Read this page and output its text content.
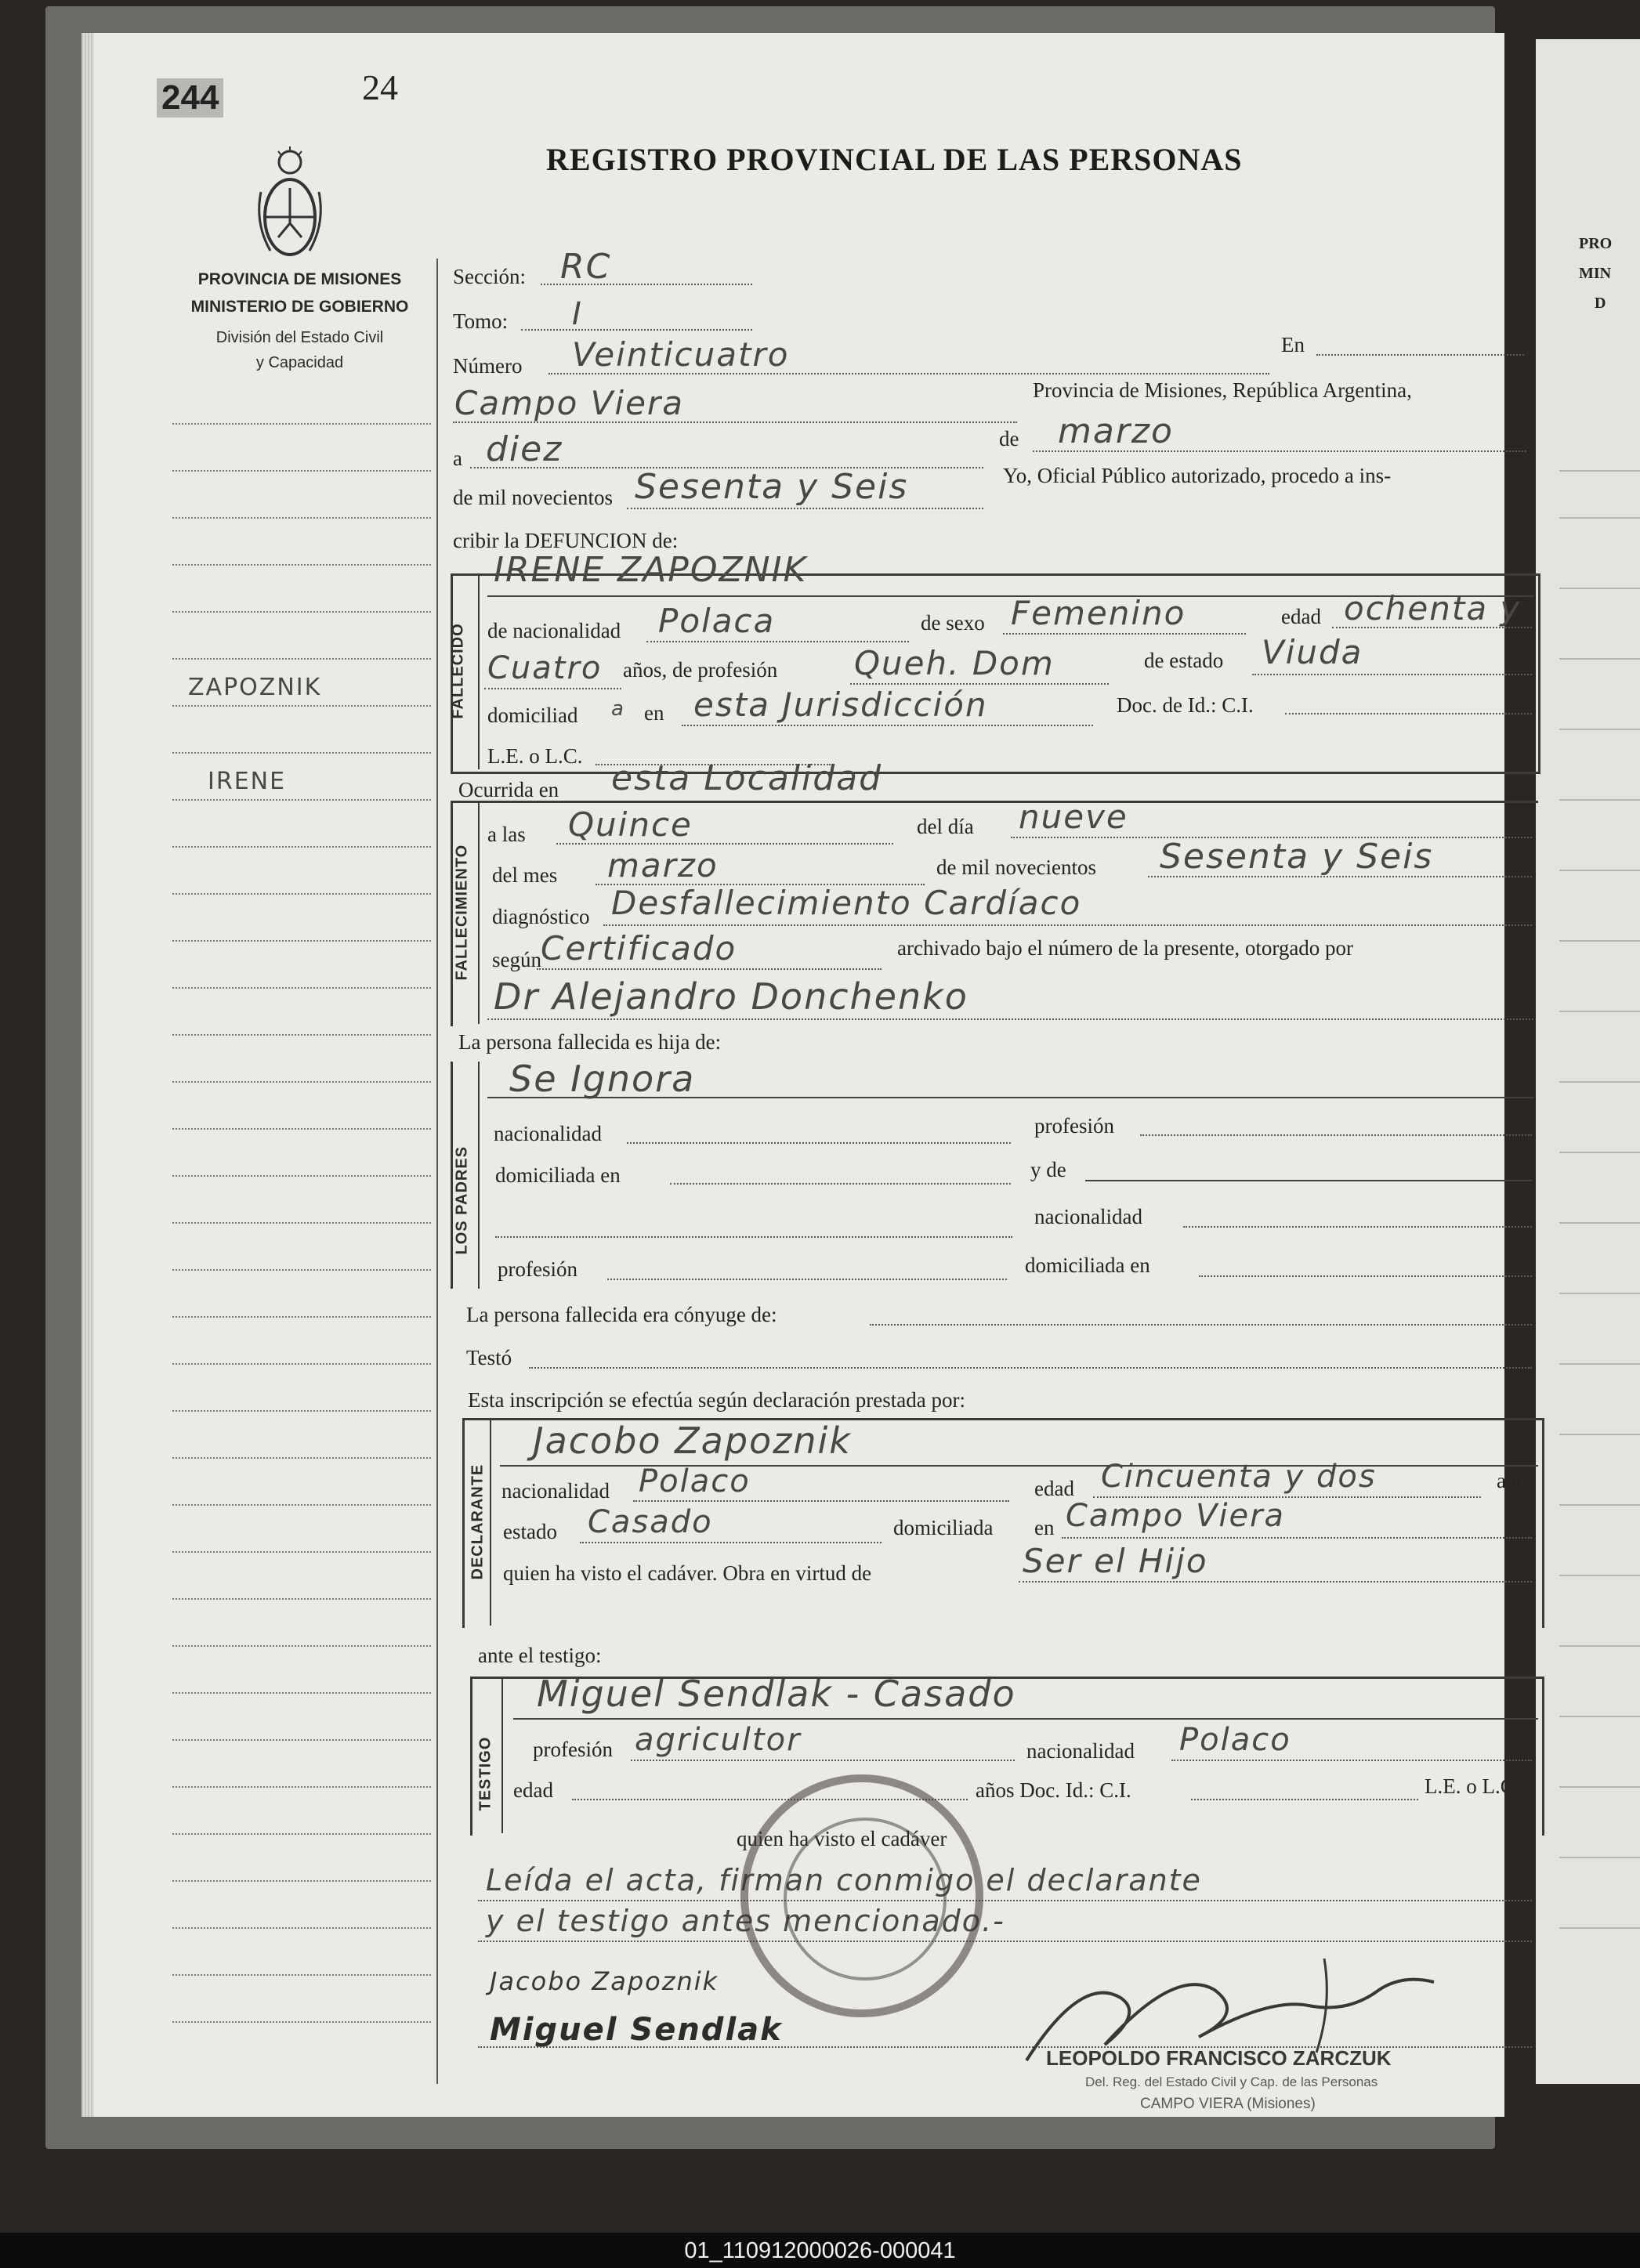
PRO
MIN
D
244	24
REGISTRO PROVINCIAL DE LAS PERSONAS
PROVINCIA DE MISIONES
MINISTERIO DE GOBIERNO
División del Estado Civil
y Capacidad
ZAPOZNIK
IRENE
Sección: RC
Tomo: I
Número Veinticuatro	En
Campo Viera	Provincia de Misiones, República Argentina,
a diez	de marzo
de mil novecientos Sesenta y Seis	Yo, Oficial Público autorizado, procedo a ins-
cribir la DEFUNCION de:
FALLECIDO
IRENE ZAPOZNIK
de nacionalidad Polaca	de sexo Femenino	edad ochenta y
Cuatro años, de profesión Queh. Dom	de estado Viuda
domiciliad a en esta Jurisdicción	Doc. de Id.: C.I.
L.E. o L.C.
Ocurrida en esta Localidad
FALLECIMIENTO
a las Quince	del día nueve
del mes marzo	de mil novecientos Sesenta y Seis
diagnóstico Desfallecimiento Cardíaco
según Certificado	archivado bajo el número de la presente, otorgado por
Dr Alejandro Donchenko
La persona fallecida es hija de:
LOS PADRES
Se Ignora
nacionalidad	profesión
domiciliada en	y de
nacionalidad
profesión	domiciliada en
La persona fallecida era cónyuge de:
Testó
Esta inscripción se efectúa según declaración prestada por:
DECLARANTE
Jacobo Zapoznik
nacionalidad Polaco	edad Cincuenta y dos	años
estado Casado	domiciliada en Campo Viera
quien ha visto el cadáver. Obra en virtud de	Ser el Hijo
ante el testigo:
TESTIGO
Miguel Sendlak - Casado
profesión agricultor	nacionalidad Polaco
edad	años Doc. Id.: C.I.	L.E. o L.C.
quien ha visto el cadáver
Leída el acta, firman conmigo el declarante
y el testigo antes mencionado.-
Jacobo Zapoznik
Miguel Sendlak
LEOPOLDO FRANCISCO ZARCZUK
Del. Reg. del Estado Civil y Cap. de las Personas
CAMPO VIERA (Misiones)
01_110912000026-000041
